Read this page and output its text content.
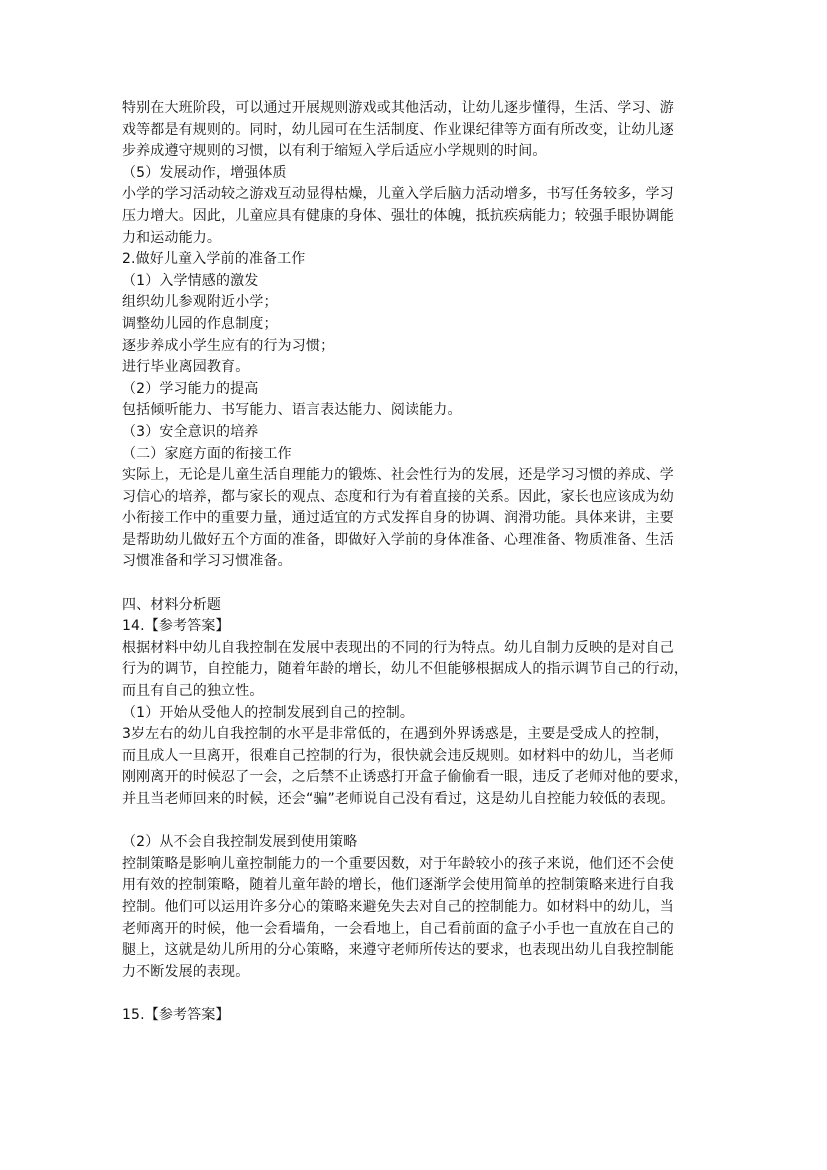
特别在大班阶段，可以通过开展规则游戏或其他活动，让幼儿逐步懂得，生活、学习、游
戏等都是有规则的。同时，幼儿园可在生活制度、作业课纪律等方面有所改变，让幼儿逐
步养成遵守规则的习惯，以有利于缩短入学后适应小学规则的时间。
（5）发展动作，增强体质
小学的学习活动较之游戏互动显得枯燥，儿童入学后脑力活动增多，书写任务较多，学习
压力增大。因此，儿童应具有健康的身体、强壮的体魄，抵抗疾病能力；较强手眼协调能
力和运动能力。
2.做好儿童入学前的准备工作
（1）入学情感的激发
组织幼儿参观附近小学；
调整幼儿园的作息制度；
逐步养成小学生应有的行为习惯；
进行毕业离园教育。
（2）学习能力的提高
包括倾听能力、书写能力、语言表达能力、阅读能力。
（3）安全意识的培养
（二）家庭方面的衔接工作
实际上，无论是儿童生活自理能力的锻炼、社会性行为的发展，还是学习习惯的养成、学
习信心的培养，都与家长的观点、态度和行为有着直接的关系。因此，家长也应该成为幼
小衔接工作中的重要力量，通过适宜的方式发挥自身的协调、润滑功能。具体来讲，主要
是帮助幼儿做好五个方面的准备，即做好入学前的身体准备、心理准备、物质准备、生活
习惯准备和学习习惯准备。
四、材料分析题
14.【参考答案】
根据材料中幼儿自我控制在发展中表现出的不同的行为特点。幼儿自制力反映的是对自己
行为的调节，自控能力，随着年龄的增长，幼儿不但能够根据成人的指示调节自己的行动，
而且有自己的独立性。
（1）开始从受他人的控制发展到自己的控制。
3岁左右的幼儿自我控制的水平是非常低的，在遇到外界诱惑是，主要是受成人的控制，
而且成人一旦离开，很难自己控制的行为，很快就会违反规则。如材料中的幼儿，当老师
刚刚离开的时候忍了一会，之后禁不止诱惑打开盒子偷偷看一眼，违反了老师对他的要求，
并且当老师回来的时候，还会“骗”老师说自己没有看过，这是幼儿自控能力较低的表现。
（2）从不会自我控制发展到使用策略
控制策略是影响儿童控制能力的一个重要因数，对于年龄较小的孩子来说，他们还不会使
用有效的控制策略，随着儿童年龄的增长，他们逐渐学会使用简单的控制策略来进行自我
控制。他们可以运用许多分心的策略来避免失去对自己的控制能力。如材料中的幼儿，当
老师离开的时候，他一会看墙角，一会看地上，自己看前面的盒子小手也一直放在自己的
腿上，这就是幼儿所用的分心策略，来遵守老师所传达的要求，也表现出幼儿自我控制能
力不断发展的表现。
15.【参考答案】
